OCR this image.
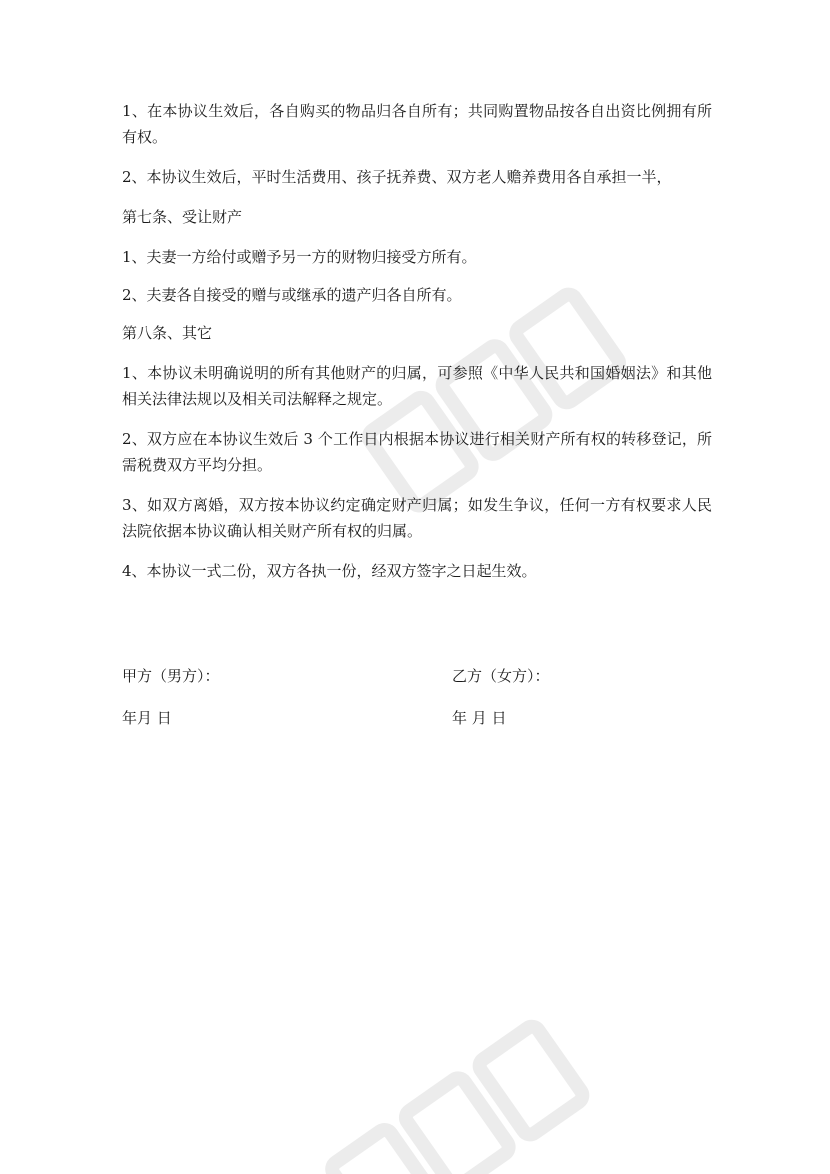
1、在本协议生效后，各自购买的物品归各自所有；共同购置物品按各自出资比例拥有所有权。

2、本协议生效后，平时生活费用、孩子抚养费、双方老人赡养费用各自承担一半，

第七条、受让财产

1、夫妻一方给付或赠予另一方的财物归接受方所有。

2、夫妻各自接受的赠与或继承的遗产归各自所有。

第八条、其它

1、本协议未明确说明的所有其他财产的归属，可参照《中华人民共和国婚姻法》和其他相关法律法规以及相关司法解释之规定。

2、双方应在本协议生效后 3 个工作日内根据本协议进行相关财产所有权的转移登记，所需税费双方平均分担。

3、如双方离婚，双方按本协议约定确定财产归属；如发生争议，任何一方有权要求人民法院依据本协议确认相关财产所有权的归属。

4、本协议一式二份，双方各执一份，经双方签字之日起生效。

甲方（男方）：	乙方（女方）：
年月 日	年 月 日
